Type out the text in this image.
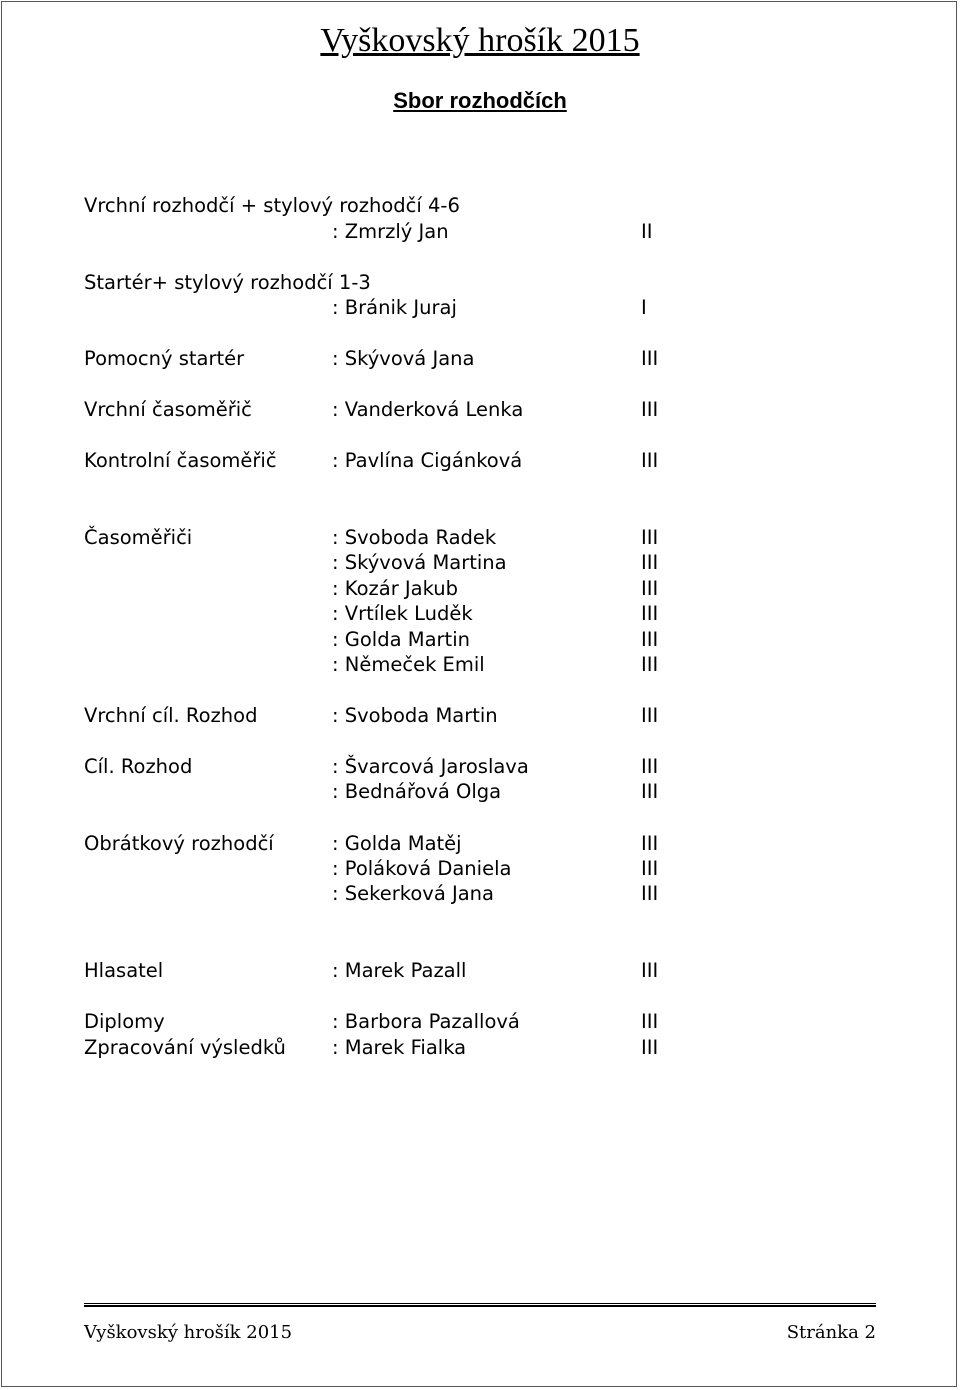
Vyškovský hrošík 2015
Sbor rozhodčích
Vrchní rozhodčí + stylový rozhodčí 4-6
: Zmrzlý Jan	II
Startér+ stylový rozhodčí 1-3
: Bránik Juraj	I
Pomocný startér	: Skývová Jana	III
Vrchní časoměřič	: Vanderková Lenka	III
Kontrolní časoměřič	: Pavlína Cigánková	III
Časoměřiči	: Svoboda Radek	III
: Skývová Martina	III
: Kozár Jakub	III
: Vrtílek Luděk	III
: Golda Martin	III
: Němeček Emil	III
Vrchní cíl. Rozhod	: Svoboda Martin	III
Cíl. Rozhod	: Švarcová Jaroslava	III
: Bednářová Olga	III
Obrátkový rozhodčí	: Golda Matěj	III
: Poláková Daniela	III
: Sekerková Jana	III
Hlasatel	: Marek Pazall	III
Diplomy	: Barbora Pazallová	III
Zpracování výsledků : Marek Fialka	III
Vyškovský hrošík 2015	Stránka 2
